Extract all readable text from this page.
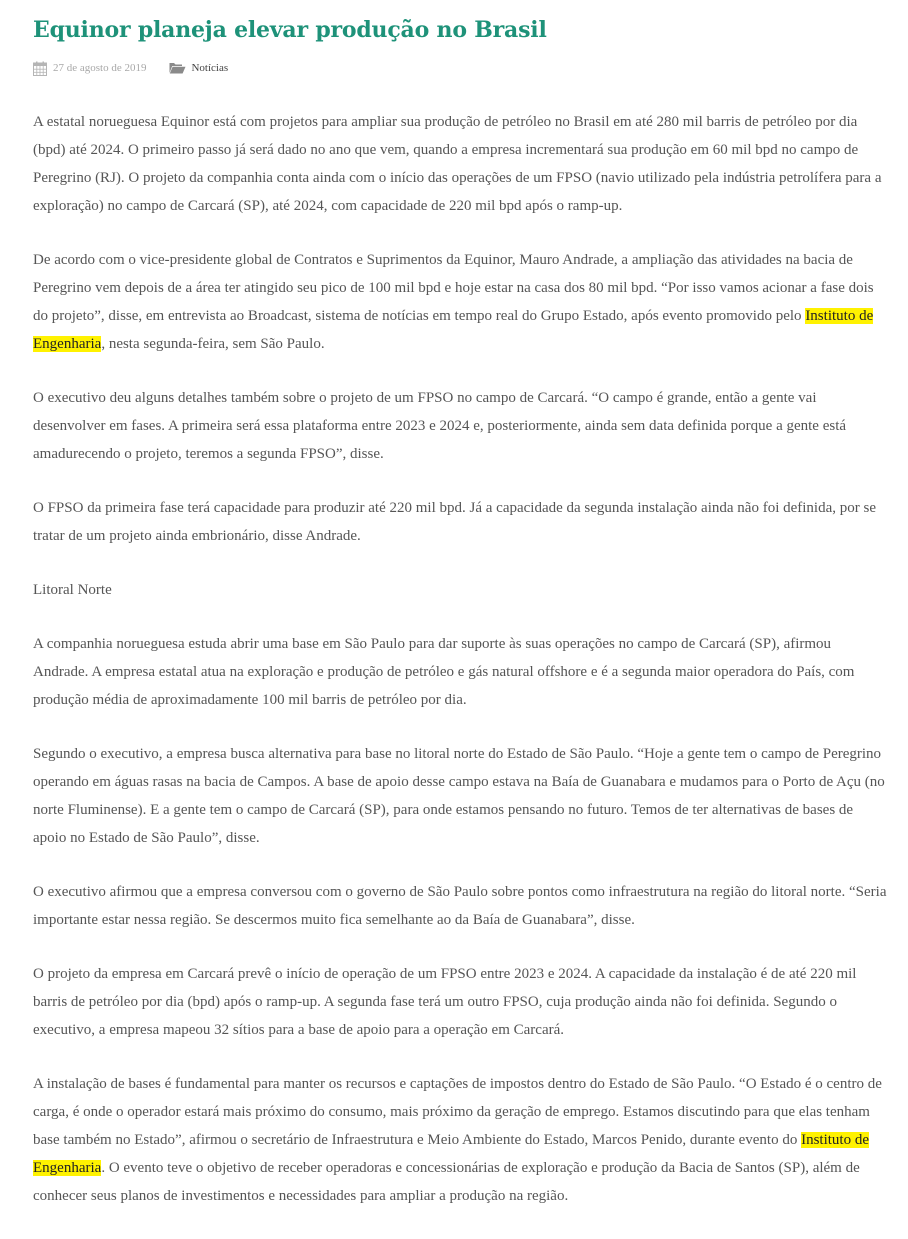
Equinor planeja elevar produção no Brasil
27 de agosto de 2019	Notícias

A estatal norueguesa Equinor está com projetos para ampliar sua produção de petróleo no Brasil em até 280 mil barris de petróleo por dia (bpd) até 2024. O primeiro passo já será dado no ano que vem, quando a empresa incrementará sua produção em 60 mil bpd no campo de Peregrino (RJ). O projeto da companhia conta ainda com o início das operações de um FPSO (navio utilizado pela indústria petrolífera para a exploração) no campo de Carcará (SP), até 2024, com capacidade de 220 mil bpd após o ramp-up.

De acordo com o vice-presidente global de Contratos e Suprimentos da Equinor, Mauro Andrade, a ampliação das atividades na bacia de Peregrino vem depois de a área ter atingido seu pico de 100 mil bpd e hoje estar na casa dos 80 mil bpd. “Por isso vamos acionar a fase dois do projeto”, disse, em entrevista ao Broadcast, sistema de notícias em tempo real do Grupo Estado, após evento promovido pelo Instituto de Engenharia, nesta segunda-feira, sem São Paulo.

O executivo deu alguns detalhes também sobre o projeto de um FPSO no campo de Carcará. “O campo é grande, então a gente vai desenvolver em fases. A primeira será essa plataforma entre 2023 e 2024 e, posteriormente, ainda sem data definida porque a gente está amadurecendo o projeto, teremos a segunda FPSO”, disse.

O FPSO da primeira fase terá capacidade para produzir até 220 mil bpd. Já a capacidade da segunda instalação ainda não foi definida, por se tratar de um projeto ainda embrionário, disse Andrade.

Litoral Norte

A companhia norueguesa estuda abrir uma base em São Paulo para dar suporte às suas operações no campo de Carcará (SP), afirmou Andrade. A empresa estatal atua na exploração e produção de petróleo e gás natural offshore e é a segunda maior operadora do País, com produção média de aproximadamente 100 mil barris de petróleo por dia.

Segundo o executivo, a empresa busca alternativa para base no litoral norte do Estado de São Paulo. “Hoje a gente tem o campo de Peregrino operando em águas rasas na bacia de Campos. A base de apoio desse campo estava na Baía de Guanabara e mudamos para o Porto de Açu (no norte Fluminense). E a gente tem o campo de Carcará (SP), para onde estamos pensando no futuro. Temos de ter alternativas de bases de apoio no Estado de São Paulo”, disse.

O executivo afirmou que a empresa conversou com o governo de São Paulo sobre pontos como infraestrutura na região do litoral norte. “Seria importante estar nessa região. Se descermos muito fica semelhante ao da Baía de Guanabara”, disse.

O projeto da empresa em Carcará prevê o início de operação de um FPSO entre 2023 e 2024. A capacidade da instalação é de até 220 mil barris de petróleo por dia (bpd) após o ramp-up. A segunda fase terá um outro FPSO, cuja produção ainda não foi definida. Segundo o executivo, a empresa mapeou 32 sítios para a base de apoio para a operação em Carcará.

A instalação de bases é fundamental para manter os recursos e captações de impostos dentro do Estado de São Paulo. “O Estado é o centro de carga, é onde o operador estará mais próximo do consumo, mais próximo da geração de emprego. Estamos discutindo para que elas tenham base também no Estado”, afirmou o secretário de Infraestrutura e Meio Ambiente do Estado, Marcos Penido, durante evento do Instituto de Engenharia. O evento teve o objetivo de receber operadoras e concessionárias de exploração e produção da Bacia de Santos (SP), além de conhecer seus planos de investimentos e necessidades para ampliar a produção na região.
